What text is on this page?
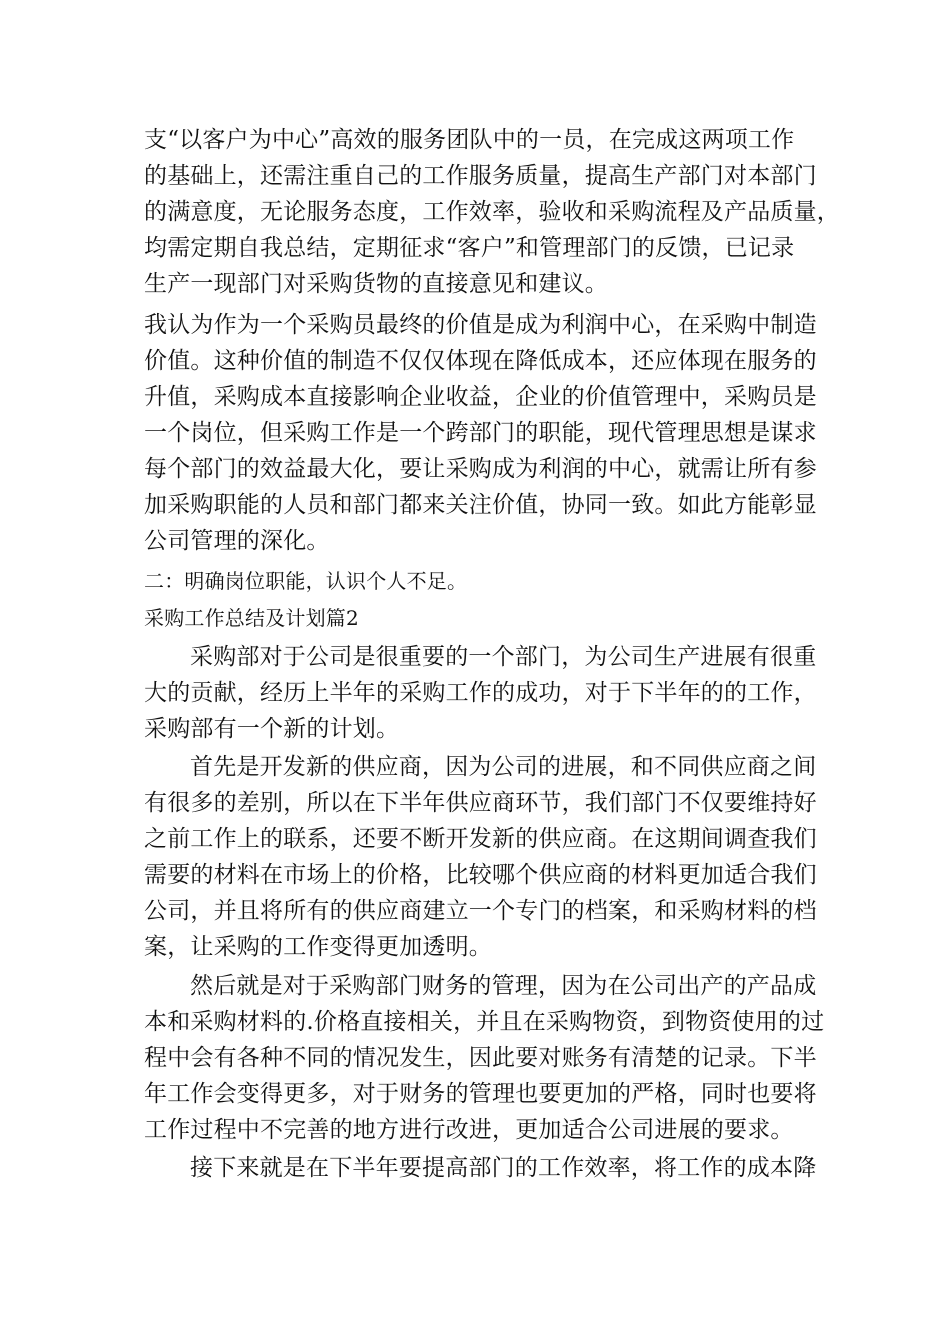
支“以客户为中心”高效的服务团队中的一员，在完成这两项工作
的基础上，还需注重自己的工作服务质量，提高生产部门对本部门
的满意度，无论服务态度，工作效率，验收和采购流程及产品质量，
均需定期自我总结，定期征求“客户”和管理部门的反馈，已记录
生产一现部门对采购货物的直接意见和建议。
我认为作为一个采购员最终的价值是成为利润中心，在采购中制造
价值。这种价值的制造不仅仅体现在降低成本，还应体现在服务的
升值，采购成本直接影响企业收益，企业的价值管理中，采购员是
一个岗位，但采购工作是一个跨部门的职能，现代管理思想是谋求
每个部门的效益最大化，要让采购成为利润的中心，就需让所有参
加采购职能的人员和部门都来关注价值，协同一致。如此方能彰显
公司管理的深化。
二：明确岗位职能，认识个人不足。
采购工作总结及计划篇2
采购部对于公司是很重要的一个部门，为公司生产进展有很重
大的贡献，经历上半年的采购工作的成功，对于下半年的的工作，
采购部有一个新的计划。
首先是开发新的供应商，因为公司的进展，和不同供应商之间
有很多的差别，所以在下半年供应商环节，我们部门不仅要维持好
之前工作上的联系，还要不断开发新的供应商。在这期间调查我们
需要的材料在市场上的价格，比较哪个供应商的材料更加适合我们
公司，并且将所有的供应商建立一个专门的档案，和采购材料的档
案，让采购的工作变得更加透明。
然后就是对于采购部门财务的管理，因为在公司出产的产品成
本和采购材料的.价格直接相关，并且在采购物资，到物资使用的过
程中会有各种不同的情况发生，因此要对账务有清楚的记录。下半
年工作会变得更多，对于财务的管理也要更加的严格，同时也要将
工作过程中不完善的地方进行改进，更加适合公司进展的要求。
接下来就是在下半年要提高部门的工作效率，将工作的成本降
